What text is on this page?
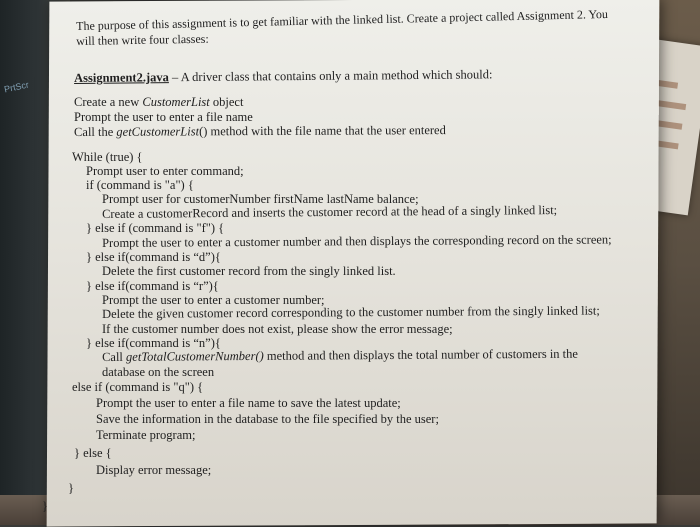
PrtScr

The purpose of this assignment is to get familiar with the linked list. Create a project called Assignment 2. You

will then write four classes:

Assignment2.java – A driver class that contains only a main method which should:

Create a new CustomerList object

Prompt the user to enter a file name

Call the getCustomerList() method with the file name that the user entered

While (true) {

Prompt user to enter command;

if (command is "a") {

Prompt user for customerNumber firstName lastName balance;

Create a customerRecord and inserts the customer record at the head of a singly linked list;

} else if (command is "f") {

Prompt the user to enter a customer number and then displays the corresponding record on the screen;

} else if(command is “d”){

Delete the first customer record from the singly linked list.

} else if(command is “r”){

Prompt the user to enter a customer number;

Delete the given customer record corresponding to the customer number from the singly linked list;

If the customer number does not exist, please show the error message;

} else if(command is “n”){

Call getTotalCustomerNumber() method and then displays the total number of customers in the

database on the screen

else if (command is "q") {

Prompt the user to enter a file name to save the latest update;

Save the information in the database to the file specified by the user;

Terminate program;

} else {

Display error message;

}

}
